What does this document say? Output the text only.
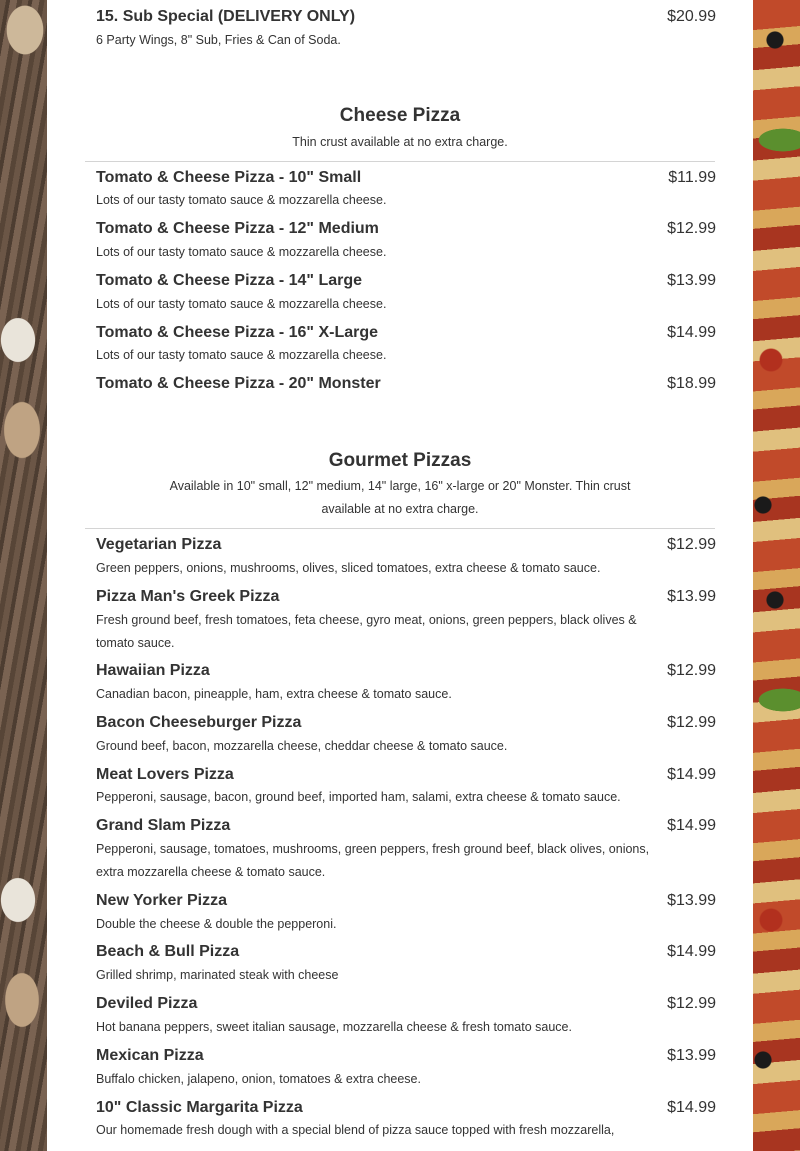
15. Sub Special (DELIVERY ONLY)	$20.99
6 Party Wings, 8" Sub, Fries & Can of Soda.
Cheese Pizza
Thin crust available at no extra charge.
Tomato & Cheese Pizza - 10" Small	$11.99
Lots of our tasty tomato sauce & mozzarella cheese.
Tomato & Cheese Pizza - 12" Medium	$12.99
Lots of our tasty tomato sauce & mozzarella cheese.
Tomato & Cheese Pizza - 14" Large	$13.99
Lots of our tasty tomato sauce & mozzarella cheese.
Tomato & Cheese Pizza - 16" X-Large	$14.99
Lots of our tasty tomato sauce & mozzarella cheese.
Tomato & Cheese Pizza - 20" Monster	$18.99
Gourmet Pizzas
Available in 10" small, 12" medium, 14" large, 16" x-large or 20" Monster. Thin crust available at no extra charge.
Vegetarian Pizza	$12.99
Green peppers, onions, mushrooms, olives, sliced tomatoes, extra cheese & tomato sauce.
Pizza Man's Greek Pizza	$13.99
Fresh ground beef, fresh tomatoes, feta cheese, gyro meat, onions, green peppers, black olives & tomato sauce.
Hawaiian Pizza	$12.99
Canadian bacon, pineapple, ham, extra cheese & tomato sauce.
Bacon Cheeseburger Pizza	$12.99
Ground beef, bacon, mozzarella cheese, cheddar cheese & tomato sauce.
Meat Lovers Pizza	$14.99
Pepperoni, sausage, bacon, ground beef, imported ham, salami, extra cheese & tomato sauce.
Grand Slam Pizza	$14.99
Pepperoni, sausage, tomatoes, mushrooms, green peppers, fresh ground beef, black olives, onions, extra mozzarella cheese & tomato sauce.
New Yorker Pizza	$13.99
Double the cheese & double the pepperoni.
Beach & Bull Pizza	$14.99
Grilled shrimp, marinated steak with cheese
Deviled Pizza	$12.99
Hot banana peppers, sweet italian sausage, mozzarella cheese & fresh tomato sauce.
Mexican Pizza	$13.99
Buffalo chicken, jalapeno, onion, tomatoes & extra cheese.
10" Classic Margarita Pizza	$14.99
Our homemade fresh dough with a special blend of pizza sauce topped with fresh mozzarella,
